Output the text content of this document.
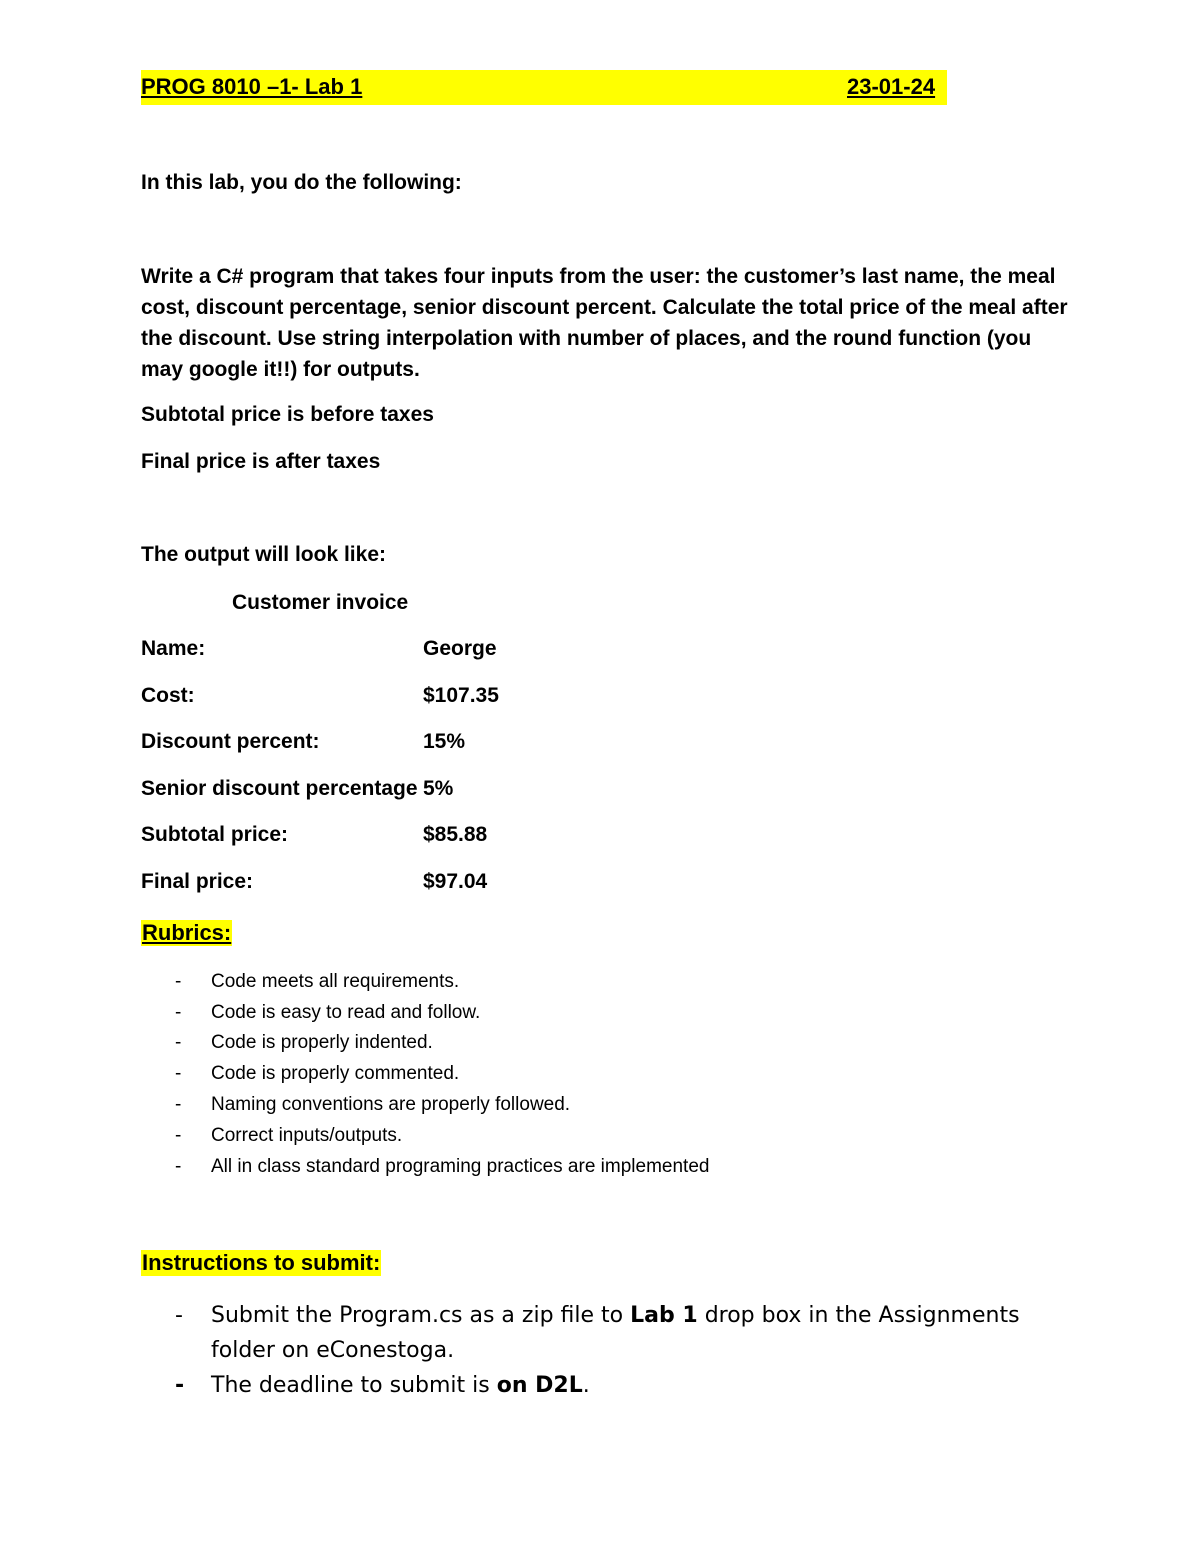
PROG 8010 –1- Lab 1	23-01-24
In this lab, you do the following:
Write a C# program that takes four inputs from the user: the customer’s last name, the meal cost, discount percentage, senior discount percent. Calculate the total price of the meal after the discount. Use string interpolation with number of places, and the round function (you may google it!!) for outputs.
Subtotal price is before taxes
Final price is after taxes
The output will look like:
Customer invoice
Name:	George
Cost:	$107.35
Discount percent:	15%
Senior discount percentage 5%
Subtotal price:	$85.88
Final price:	$97.04
Rubrics:
- Code meets all requirements.
- Code is easy to read and follow.
- Code is properly indented.
- Code is properly commented.
- Naming conventions are properly followed.
- Correct inputs/outputs.
- All in class standard programing practices are implemented
Instructions to submit:
- Submit the Program.cs as a zip file to Lab 1 drop box in the Assignments
folder on eConestoga.
- The deadline to submit is on D2L.
